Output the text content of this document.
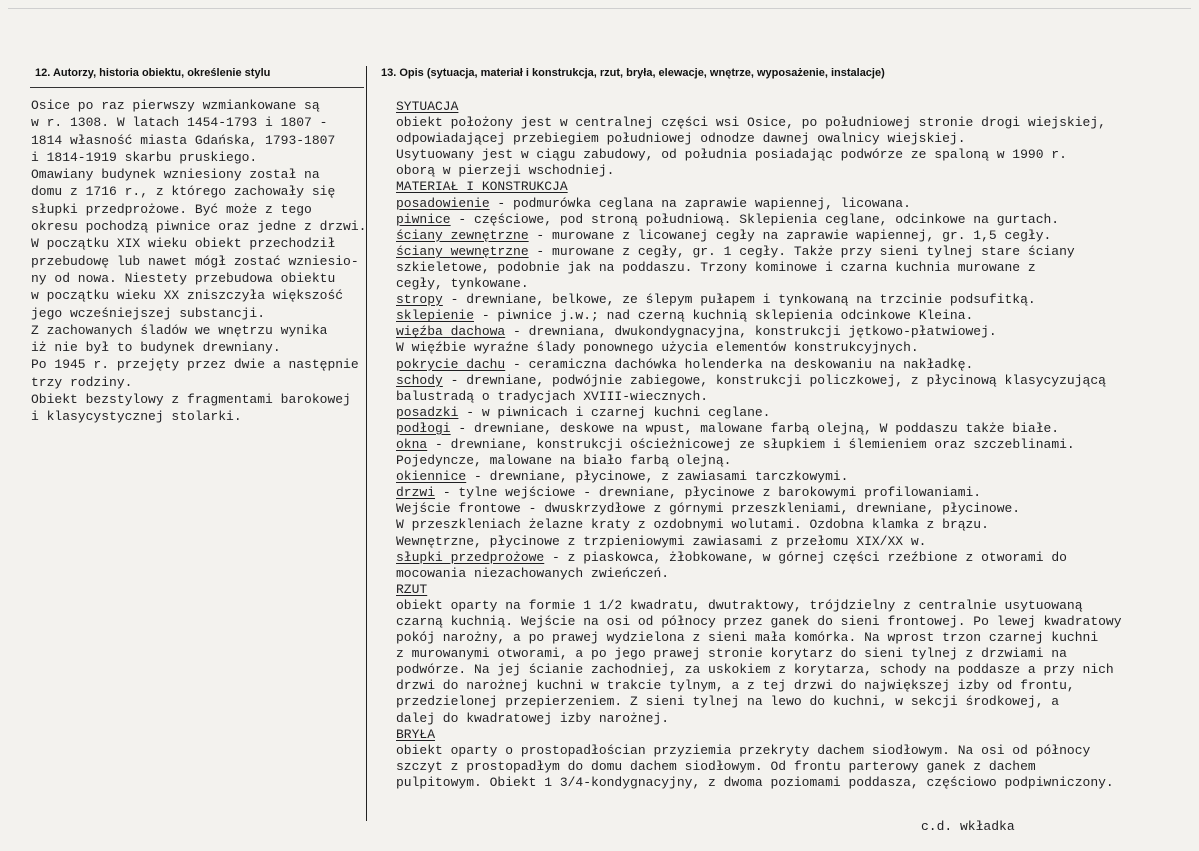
12. Autorzy, historia obiektu, określenie stylu	13. Opis (sytuacja, materiał i konstrukcja, rzut, bryła, elewacje, wnętrze, wyposażenie, instalacje)
Osice po raz pierwszy wzmiankowane są
w r. 1308. W latach 1454-1793 i 1807 -
1814 własność miasta Gdańska, 1793-1807
i 1814-1919 skarbu pruskiego.
Omawiany budynek wzniesiony został na
domu z 1716 r., z którego zachowały się
słupki przedprożowe. Być może z tego
okresu pochodzą piwnice oraz jedne z drzwi.
W początku XIX wieku obiekt przechodził
przebudowę lub nawet mógł zostać wzniesio-
ny od nowa. Niestety przebudowa obiektu
w początku wieku XX zniszczyła większość
jego wcześniejszej substancji.
Z zachowanych śladów we wnętrzu wynika
iż nie był to budynek drewniany.
Po 1945 r. przejęty przez dwie a następnie
trzy rodziny.
Obiekt bezstylowy z fragmentami barokowej
i klasycystycznej stolarki.
SYTUACJA
obiekt położony jest w centralnej części wsi Osice, po południowej stronie drogi wiejskiej,
odpowiadającej przebiegiem południowej odnodze dawnej owalnicy wiejskiej.
Usytuowany jest w ciągu zabudowy, od południa posiadając podwórze ze spaloną w 1990 r.
oborą w pierzeji wschodniej.
MATERIAŁ I KONSTRUKCJA
posadowienie - podmurówka ceglana na zaprawie wapiennej, licowana.
piwnice - częściowe, pod stroną południową. Sklepienia ceglane, odcinkowe na gurtach.
ściany zewnętrzne - murowane z licowanej cegły na zaprawie wapiennej, gr. 1,5 cegły.
ściany wewnętrzne - murowane z cegły, gr. 1 cegły. Także przy sieni tylnej stare ściany
szkieletowe, podobnie jak na poddaszu. Trzony kominowe i czarna kuchnia murowane z
cegły, tynkowane.
stropy - drewniane, belkowe, ze ślepym pułapem i tynkowaną na trzcinie podsufitką.
sklepienie - piwnice j.w.; nad czerną kuchnią sklepienia odcinkowe Kleina.
więźba dachowa - drewniana, dwukondygnacyjna, konstrukcji jętkowo-płatwiowej.
W więźbie wyraźne ślady ponownego użycia elementów konstrukcyjnych.
pokrycie dachu - ceramiczna dachówka holenderka na deskowaniu na nakładkę.
schody - drewniane, podwójnie zabiegowe, konstrukcji policzkowej, z płycinową klasycyzującą
balustradą o tradycjach XVIII-wiecznych.
posadzki - w piwnicach i czarnej kuchni ceglane.
podłogi - drewniane, deskowe na wpust, malowane farbą olejną, W poddaszu także białe.
okna - drewniane, konstrukcji ościeżnicowej ze słupkiem i ślemieniem oraz szczeblinami.
Pojedyncze, malowane na biało farbą olejną.
okiennice - drewniane, płycinowe, z zawiasami tarczkowymi.
drzwi - tylne wejściowe - drewniane, płycinowe z barokowymi profilowaniami.
Wejście frontowe - dwuskrzydłowe z górnymi przeszkleniami, drewniane, płycinowe.
W przeszkleniach żelazne kraty z ozdobnymi wolutami. Ozdobna klamka z brązu.
Wewnętrzne, płycinowe z trzpieniowymi zawiasami z przełomu XIX/XX w.
słupki przedprożowe - z piaskowca, żłobkowane, w górnej części rzeźbione z otworami do
mocowania niezachowanych zwieńczeń.
RZUT
obiekt oparty na formie 1 1/2 kwadratu, dwutraktowy, trójdzielny z centralnie usytuowaną
czarną kuchnią. Wejście na osi od północy przez ganek do sieni frontowej. Po lewej kwadratowy
pokój narożny, a po prawej wydzielona z sieni mała komórka. Na wprost trzon czarnej kuchni
z murowanymi otworami, a po jego prawej stronie korytarz do sieni tylnej z drzwiami na
podwórze. Na jej ścianie zachodniej, za uskokiem z korytarza, schody na poddasze a przy nich
drzwi do narożnej kuchni w trakcie tylnym, a z tej drzwi do największej izby od frontu,
przedzielonej przepierzeniem. Z sieni tylnej na lewo do kuchni, w sekcji środkowej, a
dalej do kwadratowej izby narożnej.
BRYŁA
obiekt oparty o prostopadłościan przyziemia przekryty dachem siodłowym. Na osi od północy
szczyt z prostopadłym do domu dachem siodłowym. Od frontu parterowy ganek z dachem
pulpitowym. Obiekt 1 3/4-kondygnacyjny, z dwoma poziomami poddasza, częściowo podpiwniczony.
c.d. wkładka
